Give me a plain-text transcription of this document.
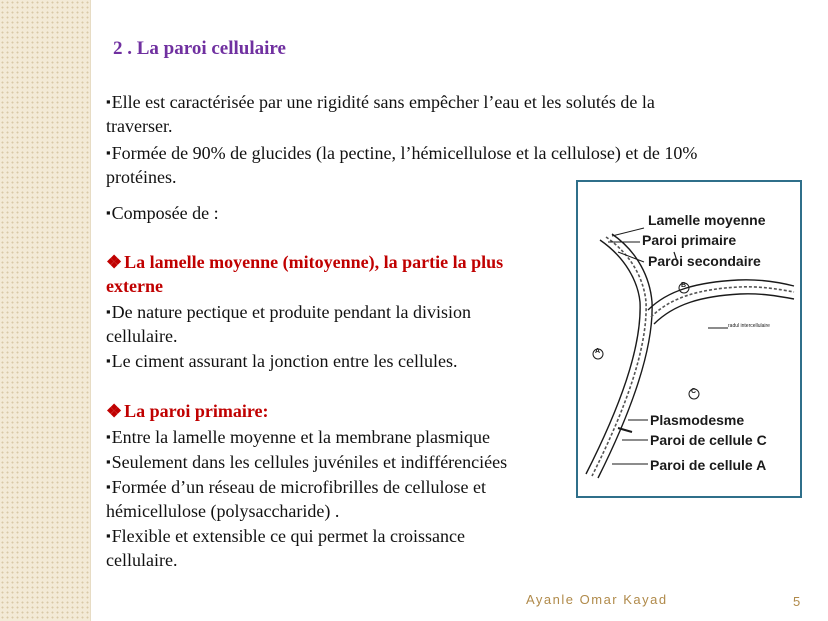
2 . La paroi cellulaire
▪Elle est caractérisée par une rigidité sans empêcher l’eau et les solutés de la
traverser.
▪Formée de 90% de glucides (la pectine, l’hémicellulose et la cellulose) et de 10%
protéines.
▪Composée de :
❖ La lamelle moyenne (mitoyenne), la partie la plus
externe
▪De nature pectique et produite pendant la division
cellulaire.
▪Le ciment assurant la jonction entre les cellules.
❖ La paroi primaire:
▪Entre la lamelle moyenne et la membrane plasmique
▪Seulement dans les cellules juvéniles et indifférenciées
▪Formée d’un réseau de microfibrilles de cellulose et
hémicellulose (polysaccharide) .
▪Flexible et extensible ce qui permet la croissance
cellulaire.
Lamelle moyenne
Paroi primaire
Paroi secondaire
radul intercellulaire
Plasmodesme
Paroi de cellule C
Paroi de cellule A
A
B
C
Ayanle Omar Kayad	5
